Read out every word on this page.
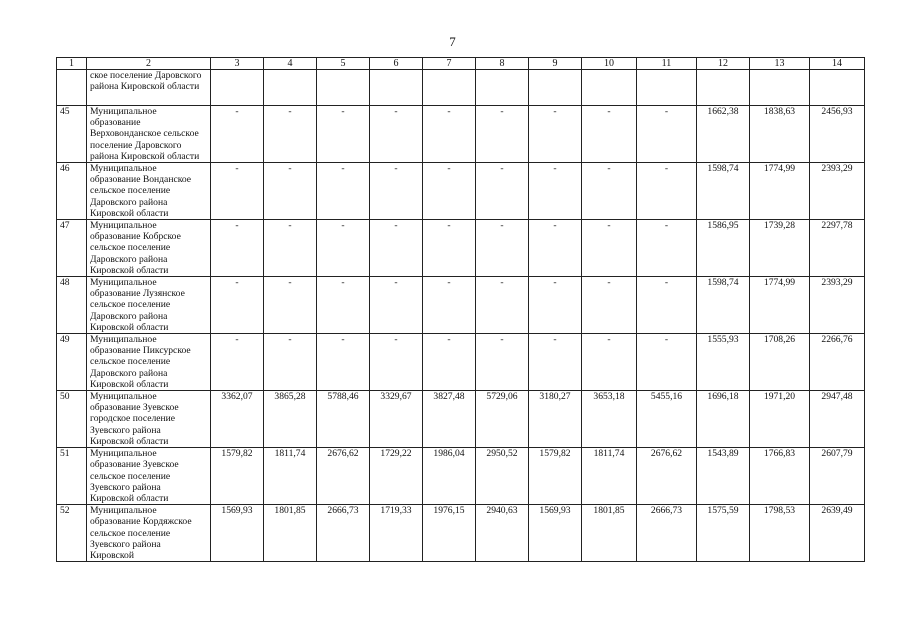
7
1	2	3	4	5	6	7	8	9	10	11	12	13	14
	ское поселение Даровского района Кировской области												
45	Муниципальное образование Верховонданское сельское поселение Даровского района Кировской области	-	-	-	-	-	-	-	-	-	1662,38	1838,63	2456,93
46	Муниципальное образование Вонданское сельское поселение Даровского района Кировской области	-	-	-	-	-	-	-	-	-	1598,74	1774,99	2393,29
47	Муниципальное образование Кобрское сельское поселение Даровского района Кировской области	-	-	-	-	-	-	-	-	-	1586,95	1739,28	2297,78
48	Муниципальное образование Лузянское сельское поселение Даровского района Кировской области	-	-	-	-	-	-	-	-	-	1598,74	1774,99	2393,29
49	Муниципальное образование Пиксурское сельское поселение Даровского района Кировской области	-	-	-	-	-	-	-	-	-	1555,93	1708,26	2266,76
50	Муниципальное образование Зуевское городское поселение Зуевского района Кировской области	3362,07	3865,28	5788,46	3329,67	3827,48	5729,06	3180,27	3653,18	5455,16	1696,18	1971,20	2947,48
51	Муниципальное образование Зуевское сельское поселение Зуевского района Кировской области	1579,82	1811,74	2676,62	1729,22	1986,04	2950,52	1579,82	1811,74	2676,62	1543,89	1766,83	2607,79
52	Муниципальное образование Кордяжское сельское поселение Зуевского района Кировской	1569,93	1801,85	2666,73	1719,33	1976,15	2940,63	1569,93	1801,85	2666,73	1575,59	1798,53	2639,49
